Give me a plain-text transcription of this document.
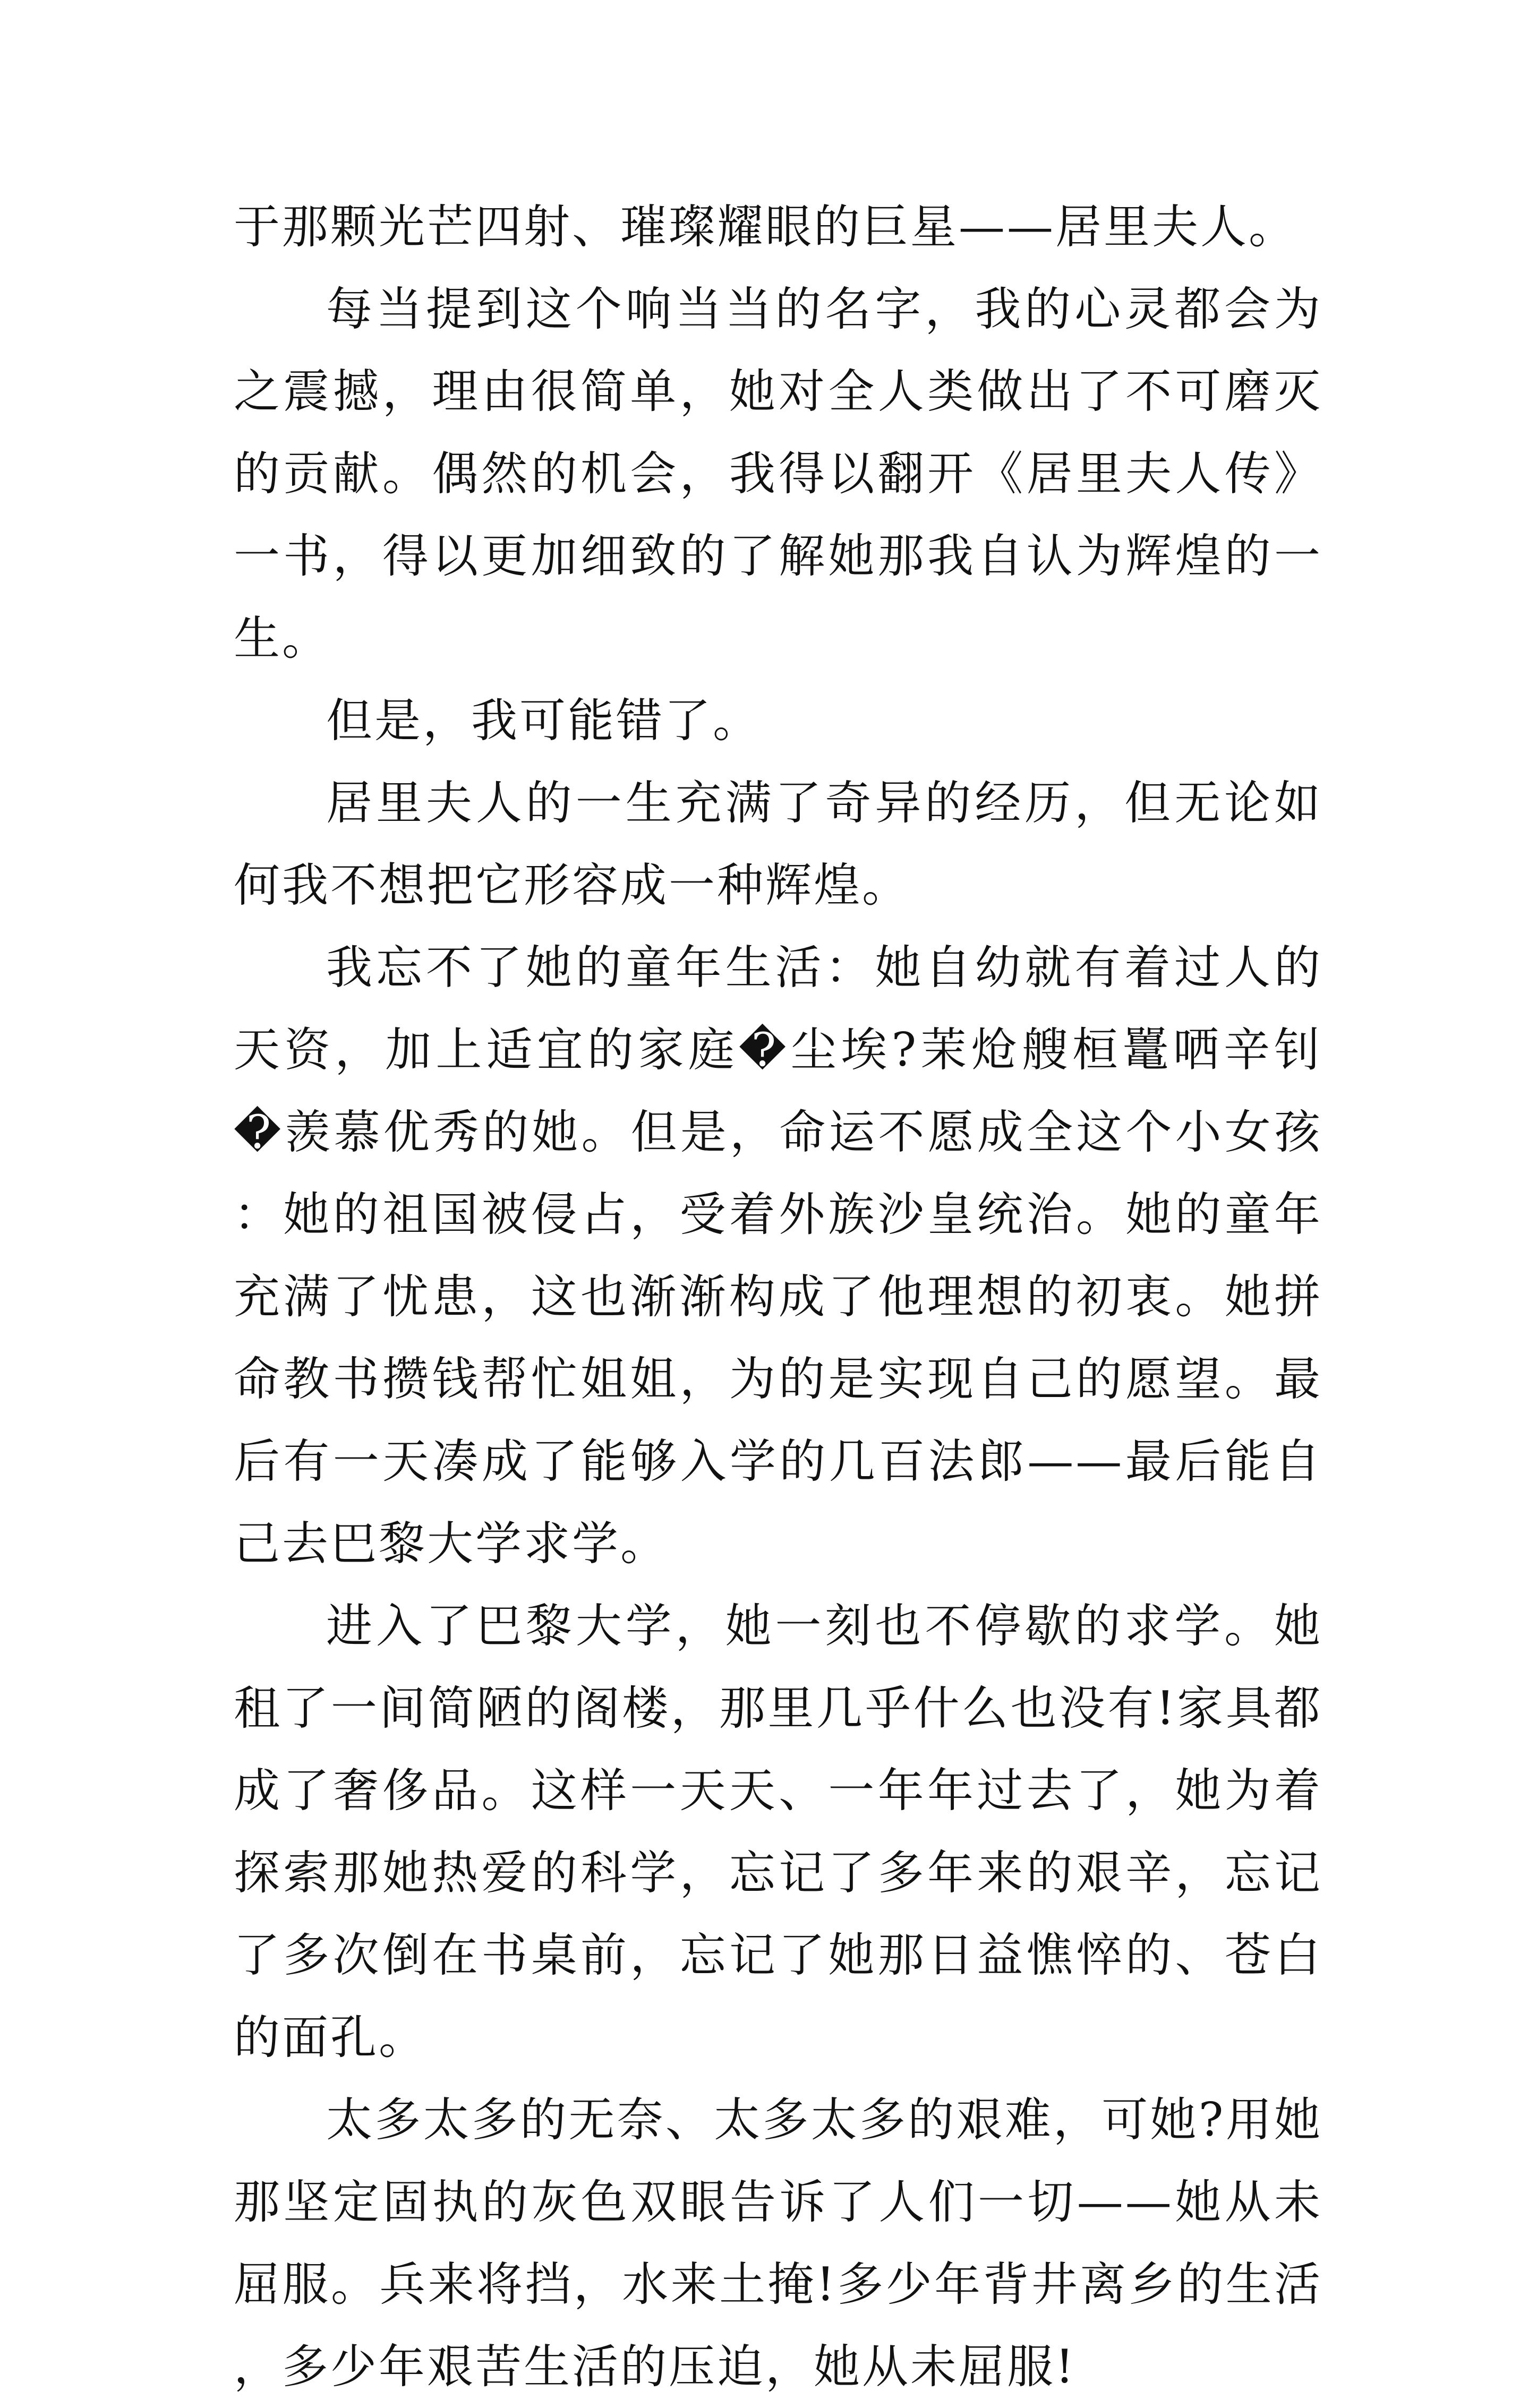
于那颗光芒四射、璀璨耀眼的巨星——居里夫人。

每当提到这个响当当的名字，我的心灵都会为之震撼，理由很简单，她对全人类做出了不可磨灭的贡献。偶然的机会，我得以翻开《居里夫人传》一书，得以更加细致的了解她那我自认为辉煌的一生。

但是，我可能错了。

居里夫人的一生充满了奇异的经历，但无论如何我不想把它形容成一种辉煌。

我忘不了她的童年生活：她自幼就有着过人的天资，加上适宜的家庭�尘埃?茉炝艘桓鼍哂辛钊�羡慕优秀的她。但是，命运不愿成全这个小女孩：她的祖国被侵占，受着外族沙皇统治。她的童年充满了忧患，这也渐渐构成了他理想的初衷。她拼命教书攒钱帮忙姐姐，为的是实现自己的愿望。最后有一天凑成了能够入学的几百法郎——最后能自己去巴黎大学求学。

进入了巴黎大学，她一刻也不停歇的求学。她租了一间简陋的阁楼，那里几乎什么也没有!家具都成了奢侈品。这样一天天、一年年过去了，她为着探索那她热爱的科学，忘记了多年来的艰辛，忘记了多次倒在书桌前，忘记了她那日益憔悴的、苍白的面孔。

太多太多的无奈、太多太多的艰难，可她?用她那坚定固执的灰色双眼告诉了人们一切——她从未屈服。兵来将挡，水来土掩!多少年背井离乡的生活，多少年艰苦生活的压迫，她从未屈服!
